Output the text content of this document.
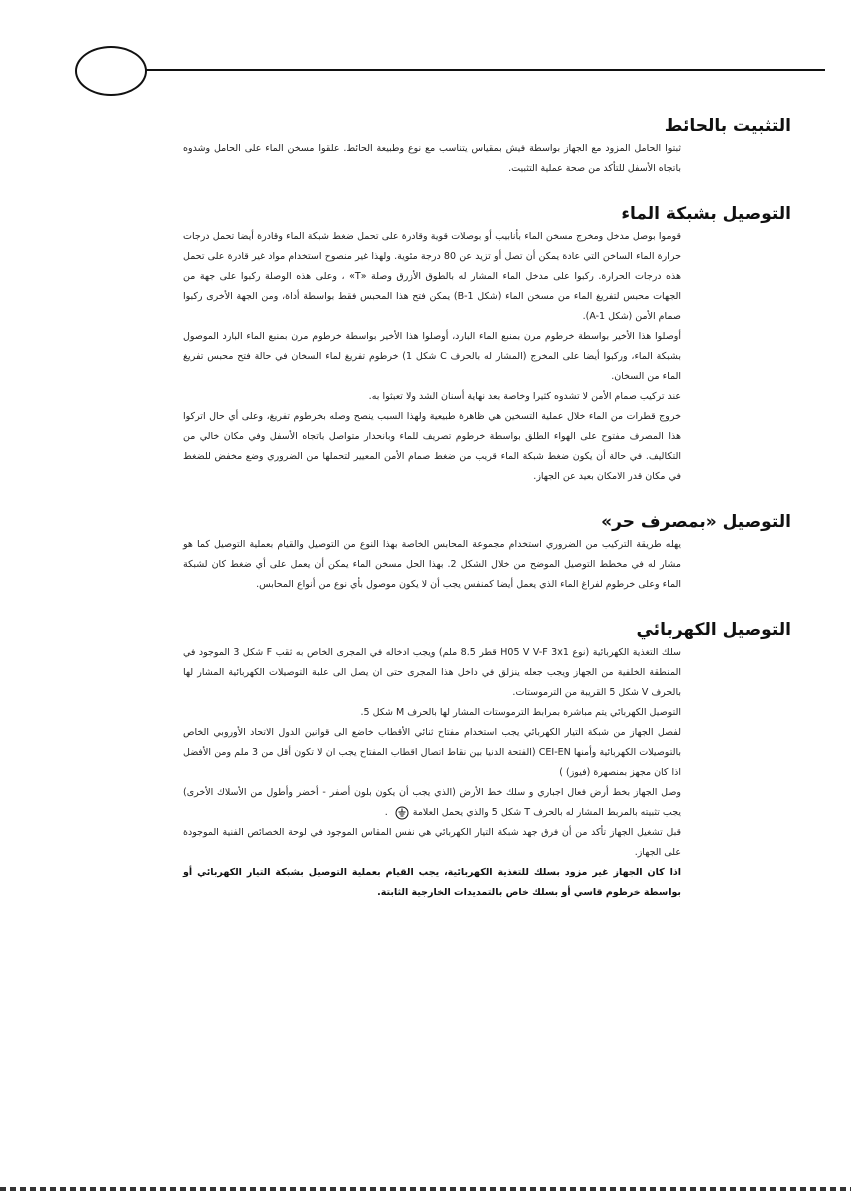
التثبيت بالحائط

ثبتوا الحامل المزود مع الجهاز بواسطة فيش بمقياس يتناسب مع نوع وطبيعة الحائط. علقوا مسخن الماء على الحامل وشدوه باتجاه الأسفل للتأكد من صحة عملية التثبيت.

التوصيل بشبكة الماء

قوموا بوصل مدخل ومخرج مسخن الماء بأنابيب أو بوصلات قوية وقادرة على تحمل ضغط شبكة الماء وقادرة أيضا تحمل درجات حرارة الماء الساخن التي عادة يمكن أن تصل أو تزيد عن 80 درجة مئوية. ولهذا غير منصوح استخدام مواد غير قادرة على تحمل هذه درجات الحرارة. ركبوا على مدخل الماء المشار له بالطوق الأزرق وصلة «T» ، وعلى هذه الوصلة ركبوا على جهة من الجهات محبس لتفريغ الماء من مسخن الماء (شكل B-1) يمكن فتح هذا المحبس فقط بواسطة أداة، ومن الجهة الأخرى ركبوا صمام الأمن (شكل A-1).

أوصلوا هذا الأخير بواسطة خرطوم مرن بمنبع الماء البارد، أوصلوا هذا الأخير بواسطة خرطوم مرن بمنبع الماء البارد الموصول بشبكة الماء، وركبوا أيضا على المخرج (المشار له بالحرف C شكل 1) خرطوم تفريغ لماء السخان في حالة فتح محبس تفريغ الماء من السخان.

عند تركيب صمام الأمن لا تشدوه كثيرا وخاصة بعد نهاية أسنان الشد ولا تعبثوا به.

خروج قطرات من الماء خلال عملية التسخين هي ظاهرة طبيعية ولهذا السبب ينصح وصله بخرطوم تفريغ، وعلى أي حال اتركوا هذا المصرف مفتوح على الهواء الطلق بواسطة خرطوم تصريف للماء وبانحدار متواصل باتجاه الأسفل وفي مكان خالي من التكاليف. في حالة أن يكون ضغط شبكة الماء قريب من ضغط صمام الأمن المعيير لتحملها من الضروري وضع مخفض للضغط في مكان قدر الامكان بعيد عن الجهاز.

التوصيل «بمصرف حر»

يهله طريقة التركيب من الضروري استخدام مجموعة المحابس الخاصة بهذا النوع من التوصيل والقيام بعملية التوصيل كما هو مشار له في مخطط التوصيل الموضح من خلال الشكل 2. بهذا الحل مسخن الماء يمكن أن يعمل على أي ضغط كان لشبكة الماء وعلى خرطوم لفراغ الماء الذي يعمل أيضا كمنفس يجب أن لا يكون موصول بأي نوع من أنواع المحابس.

التوصيل الكهربائي

سلك التغذية الكهربائية (نوع H05 V V-F 3x1 قطر 8.5 ملم) ويجب ادخاله في المجرى الخاص به ثقب F شكل 3 الموجود في المنطقة الخلفية من الجهاز ويجب جعله ينزلق في داخل هذا المجرى حتى ان يصل الى علبة التوصيلات الكهربائية المشار لها بالحرف V شكل 5 القريبة من الترموستات.

التوصيل الكهربائي يتم مباشرة بمرابط الترموستات المشار لها بالحرف M شكل 5.

لفصل الجهاز من شبكة التيار الكهربائي يجب استخدام مفتاح ثنائي الأقطاب خاضع الى قوانين الدول الاتحاد الأوروبي الخاص بالتوصيلات الكهربائية وأمنها CEI-EN (الفتحة الدنيا بين نقاط اتصال اقطاب المفتاح يجب ان لا تكون أقل من 3 ملم ومن الأفضل اذا كان مجهز بمنصهرة (فيوز) )

وصل الجهاز بخط أرض فعال اجباري و سلك خط الأرض (الذي يجب أن يكون بلون أصفر - أخضر وأطول من الأسلاك الأخرى) يجب تثبيته بالمربط المشار له بالحرف T شكل 5 والذي يحمل العلامة .

قبل تشغيل الجهاز تأكد من أن فرق جهد شبكة التيار الكهربائي هي نفس المقاس الموجود في لوحة الخصائص الفنية الموجودة على الجهاز.

اذا كان الجهاز غير مزود بسلك للتغذية الكهربائية، يجب القيام بعملية التوصيل بشبكة التيار الكهربائي أو بواسطة خرطوم قاسي أو بسلك خاص بالتمديدات الخارجية الثابتة.
